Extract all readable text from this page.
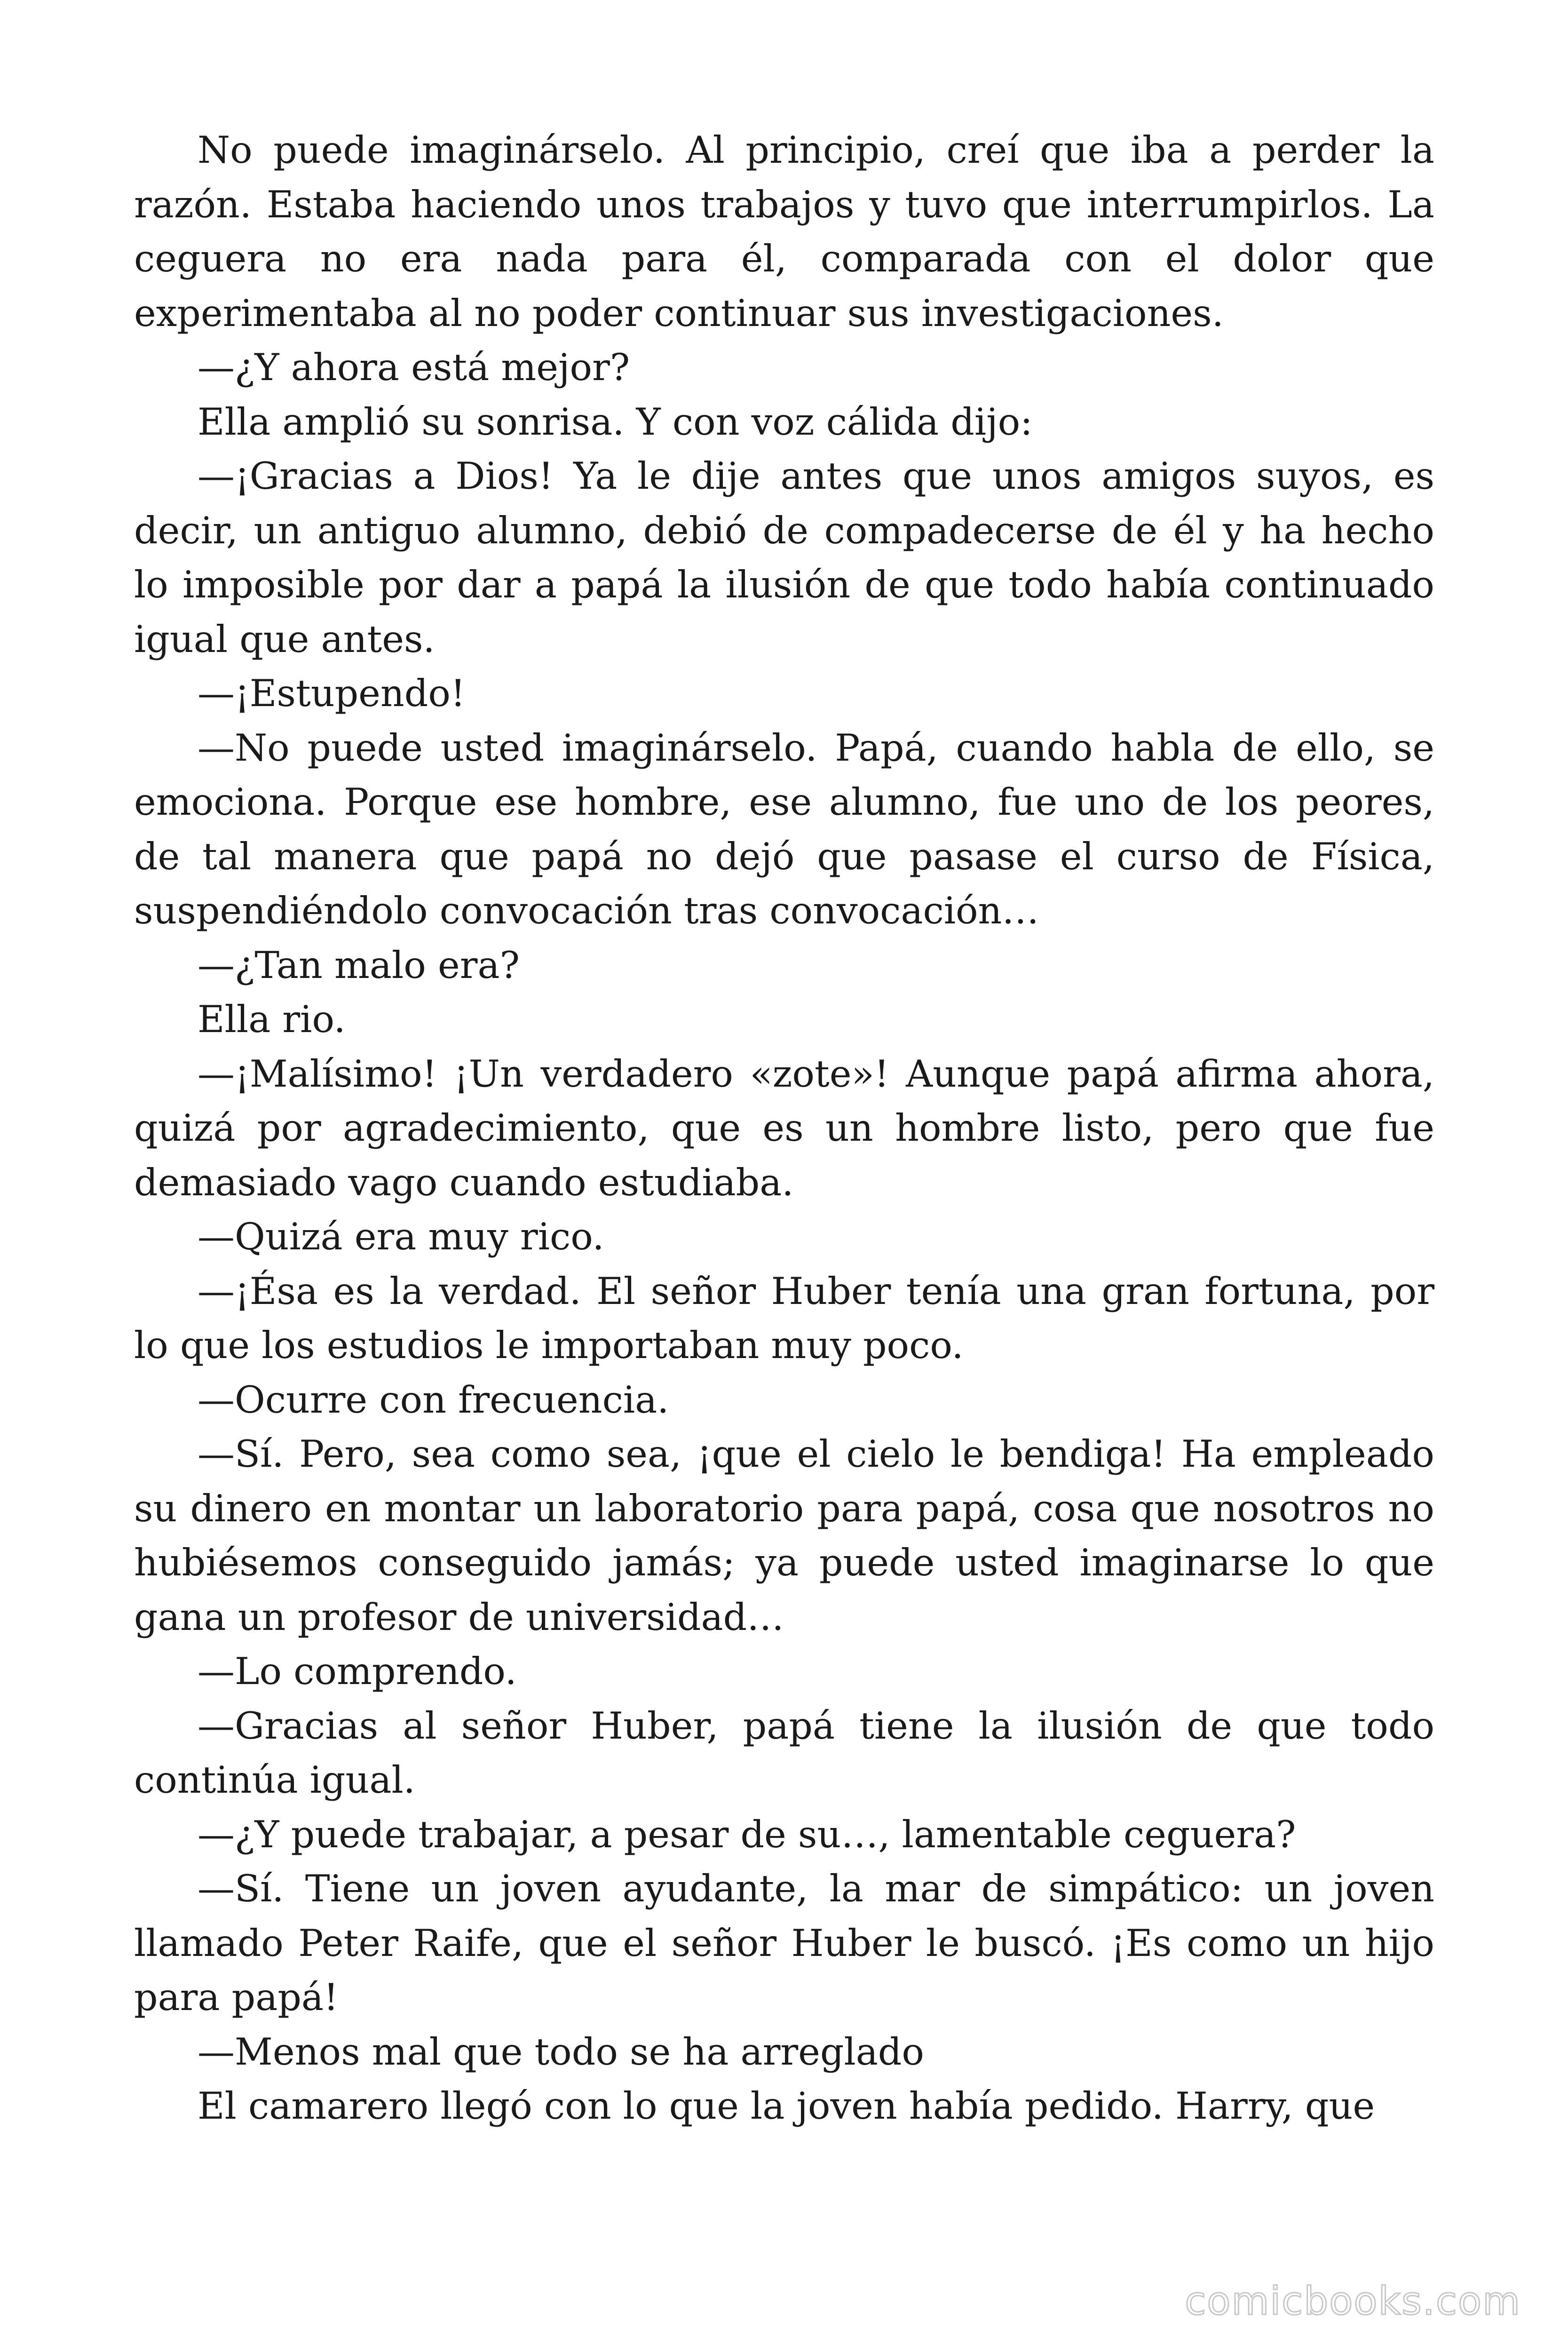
No puede imaginárselo. Al principio, creí que iba a perder la razón. Estaba haciendo unos trabajos y tuvo que interrumpirlos. La ceguera no era nada para él, comparada con el dolor que experimentaba al no poder continuar sus investigaciones.

—¿Y ahora está mejor?

Ella amplió su sonrisa. Y con voz cálida dijo:

—¡Gracias a Dios! Ya le dije antes que unos amigos suyos, es decir, un antiguo alumno, debió de compadecerse de él y ha hecho lo imposible por dar a papá la ilusión de que todo había continuado igual que antes.

—¡Estupendo!

—No puede usted imaginárselo. Papá, cuando habla de ello, se emociona. Porque ese hombre, ese alumno, fue uno de los peores, de tal manera que papá no dejó que pasase el curso de Física, suspendiéndolo convocación tras convocación…

—¿Tan malo era?

Ella rio.

—¡Malísimo! ¡Un verdadero «zote»! Aunque papá afirma ahora, quizá por agradecimiento, que es un hombre listo, pero que fue demasiado vago cuando estudiaba.

—Quizá era muy rico.

—¡Ésa es la verdad. El señor Huber tenía una gran fortuna, por lo que los estudios le importaban muy poco.

—Ocurre con frecuencia.

—Sí. Pero, sea como sea, ¡que el cielo le bendiga! Ha empleado su dinero en montar un laboratorio para papá, cosa que nosotros no hubiésemos conseguido jamás; ya puede usted imaginarse lo que gana un profesor de universidad…

—Lo comprendo.

—Gracias al señor Huber, papá tiene la ilusión de que todo continúa igual.

—¿Y puede trabajar, a pesar de su…, lamentable ceguera?

—Sí. Tiene un joven ayudante, la mar de simpático: un joven llamado Peter Raife, que el señor Huber le buscó. ¡Es como un hijo para papá!

—Menos mal que todo se ha arreglado

El camarero llegó con lo que la joven había pedido. Harry, que

comicbooks.com
